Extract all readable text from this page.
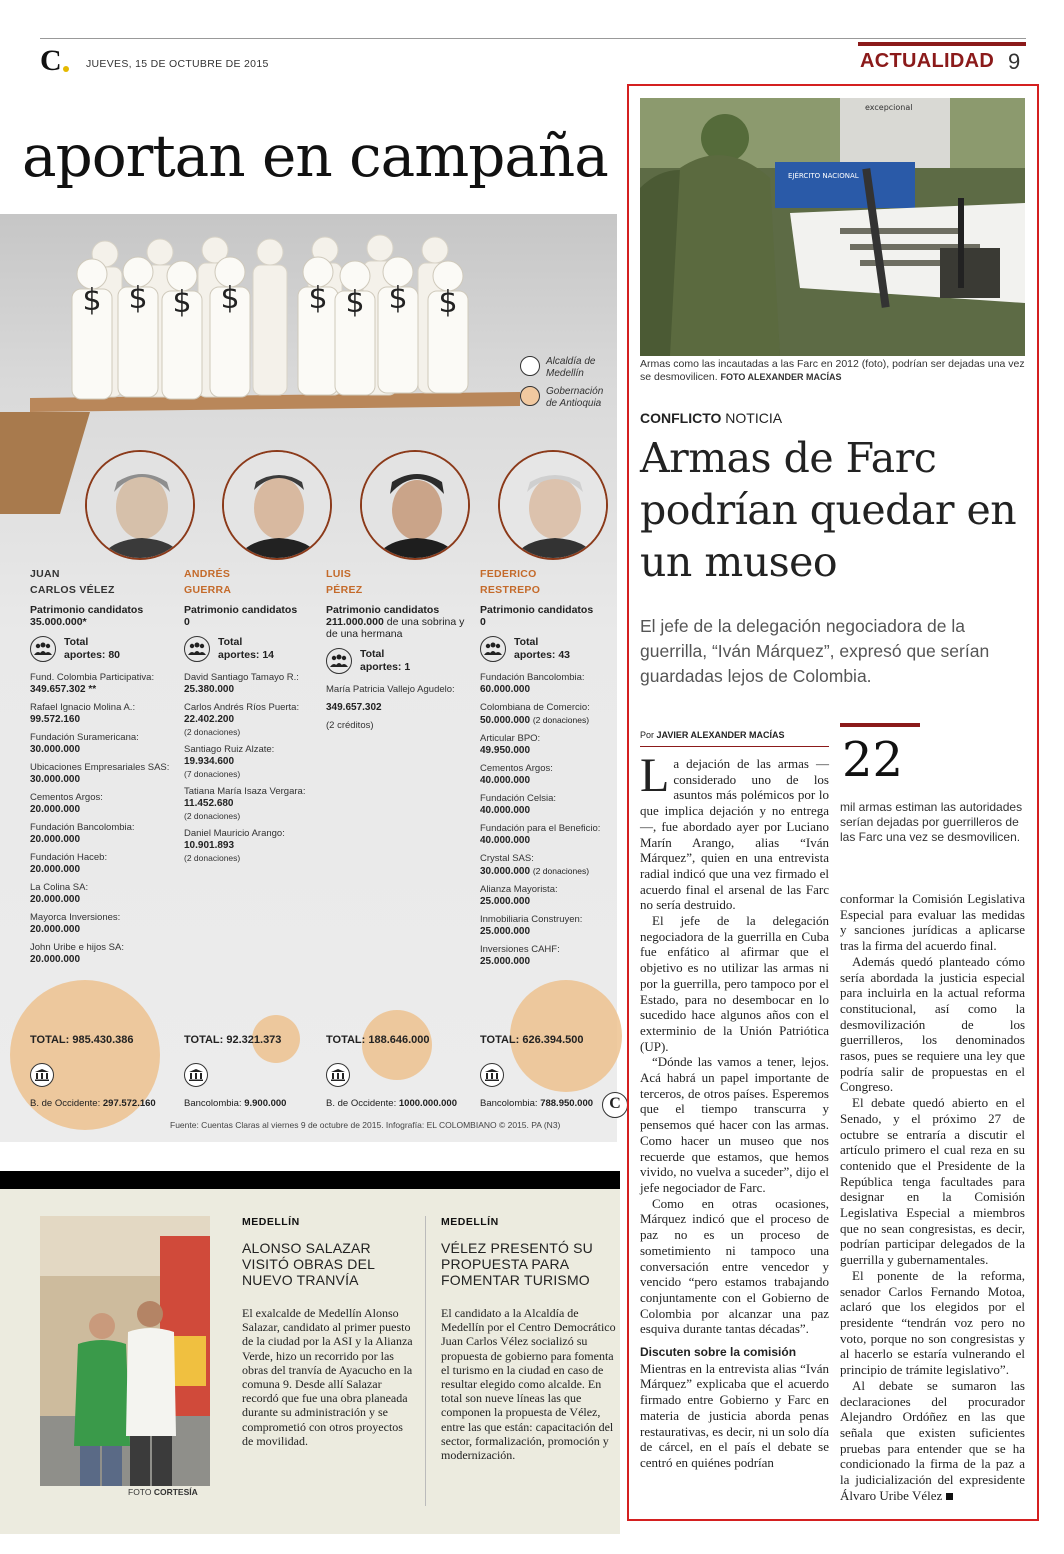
C JUEVES, 15 DE OCTUBRE DE 2015	ACTUALIDAD 9
aportan en campaña
$ $ $ $ $ $ $ $
Alcaldía de Medellín
Gobernación de Antioquia
JUAN
CARLOS VÉLEZ
Patrimonio candidatos
35.000.000*
Total
aportes: 80
Fund. Colombia Participativa:
349.657.302 **
Rafael Ignacio Molina A.:
99.572.160
Fundación Suramericana:
30.000.000
Ubicaciones Empresariales SAS:
30.000.000
Cementos Argos:
20.000.000
Fundación Bancolombia:
20.000.000
Fundación Haceb:
20.000.000
La Colina SA:
20.000.000
Mayorca Inversiones:
20.000.000
John Uribe e hijos SA:
20.000.000
ANDRÉS
GUERRA
Patrimonio candidatos
0
Total
aportes: 14
David Santiago Tamayo R.:
25.380.000
Carlos Andrés Ríos Puerta:
22.402.200
(2 donaciones)
Santiago Ruiz Alzate:
19.934.600
(7 donaciones)
Tatiana María Isaza Vergara:
11.452.680
(2 donaciones)
Daniel Mauricio Arango:
10.901.893
(2 donaciones)
LUIS
PÉREZ
Patrimonio candidatos
211.000.000 de una sobrina y de una hermana
Total
aportes: 1
María Patricia Vallejo Agudelo:
349.657.302
(2 créditos)
FEDERICO
RESTREPO
Patrimonio candidatos
0
Total
aportes: 43
Fundación Bancolombia:
60.000.000
Colombiana de Comercio:
50.000.000 (2 donaciones)
Articular BPO:
49.950.000
Cementos Argos:
40.000.000
Fundación Celsia:
40.000.000
Fundación para el Beneficio:
40.000.000
Crystal SAS:
30.000.000 (2 donaciones)
Alianza Mayorista:
25.000.000
Inmobiliaria Construyen:
25.000.000
Inversiones CAHF:
25.000.000
TOTAL: 985.430.386	TOTAL: 92.321.373	TOTAL: 188.646.000	TOTAL: 626.394.500
B. de Occidente: 297.572.160	Bancolombia: 9.900.000	B. de Occidente: 1000.000.000 Bancolombia: 788.950.000	C
Fuente: Cuentas Claras al viernes 9 de octubre de 2015. Infografía: EL COLOMBIANO © 2015. PA (N3)
FOTO CORTESÍA
MEDELLÍN
ALONSO SALAZAR VISITÓ OBRAS DEL NUEVO TRANVÍA
El exalcalde de Medellín Alonso Salazar, candidato al primer puesto de la ciudad por la ASI y la Alianza Verde, hizo un recorrido por las obras del tranvía de Ayacucho en la comuna 9. Desde allí Salazar recordó que fue una obra planeada durante su administración y se comprometió con otros proyectos de movilidad.
MEDELLÍN
VÉLEZ PRESENTÓ SU PROPUESTA PARA FOMENTAR TURISMO
El candidato a la Alcaldía de Medellín por el Centro Democrático Juan Carlos Vélez socializó su propuesta de gobierno para fomenta el turismo en la ciudad en caso de resultar elegido como alcalde. En total son nueve líneas las que componen la propuesta de Vélez, entre las que están: capacitación del sector, formalización, promoción y modernización.
excepcional
EJÉRCITO NACIONAL
Armas como las incautadas a las Farc en 2012 (foto), podrían ser dejadas una vez se desmovilicen. FOTO ALEXANDER MACÍAS
CONFLICTO NOTICIA
Armas de Farc podrían quedar en un museo
El jefe de la delegación negociadora de la guerrilla, “Iván Márquez”, expresó que serían guardadas lejos de Colombia.
Por JAVIER ALEXANDER MACÍAS 22
mil armas estiman las autoridades serían dejadas por guerrilleros de las Farc una vez se desmovilicen.

La dejación de las armas —considerado uno de los asuntos más polémicos por lo que implica dejación y no entrega—, fue abordado ayer por Luciano Marín Arango, alias “Iván Márquez”, quien en una entrevista radial indicó que una vez firmado el acuerdo final el arsenal de las Farc no sería destruido.

El jefe de la delegación negociadora de la guerrilla en Cuba fue enfático al afirmar que el objetivo es no utilizar las armas ni por la guerrilla, pero tampoco por el Estado, para no desembocar en lo sucedido hace algunos años con el exterminio de la Unión Patriótica (UP).

“Dónde las vamos a tener, lejos. Acá habrá un papel importante de terceros, de otros países. Esperemos que el tiempo transcurra y pensemos qué hacer con las armas. Como hacer un museo que nos recuerde que estamos, que hemos vivido, no vuelva a suceder”, dijo el jefe negociador de Farc.

Como en otras ocasiones, Márquez indicó que el proceso de paz no es un proceso de sometimiento ni tampoco una conversación entre vencedor y vencido “pero estamos trabajando conjuntamente con el Gobierno de Colombia por alcanzar una paz esquiva durante tantas décadas”.

Discuten sobre la comisión

Mientras en la entrevista alias “Iván Márquez” explicaba que el acuerdo firmado entre Gobierno y Farc en materia de justicia aborda penas restaurativas, es decir, ni un solo día de cárcel, en el país el debate se centró en quiénes podrían

conformar la Comisión Legislativa Especial para evaluar las medidas y sanciones jurídicas a aplicarse tras la firma del acuerdo final.

Además quedó planteado cómo sería abordada la justicia especial para incluirla en la actual reforma constitucional, así como la desmovilización de los guerrilleros, los denominados rasos, pues se requiere una ley que podría salir de propuestas en el Congreso.

El debate quedó abierto en el Senado, y el próximo 27 de octubre se entraría a discutir el artículo primero el cual reza en su contenido que el Presidente de la República tenga facultades para designar en la Comisión Legislativa Especial a miembros que no sean congresistas, es decir, podrían participar delegados de la guerrilla y gubernamentales.

El ponente de la reforma, senador Carlos Fernando Motoa, aclaró que los elegidos por el presidente “tendrán voz pero no voto, porque no son congresistas y al hacerlo se estaría vulnerando el principio de trámite legislativo”.

Al debate se sumaron las declaraciones del procurador Alejandro Ordóñez en las que señala que existen suficientes pruebas para entender que se ha condicionado la firma de la paz a la judicialización del expresidente Álvaro Uribe Vélez
